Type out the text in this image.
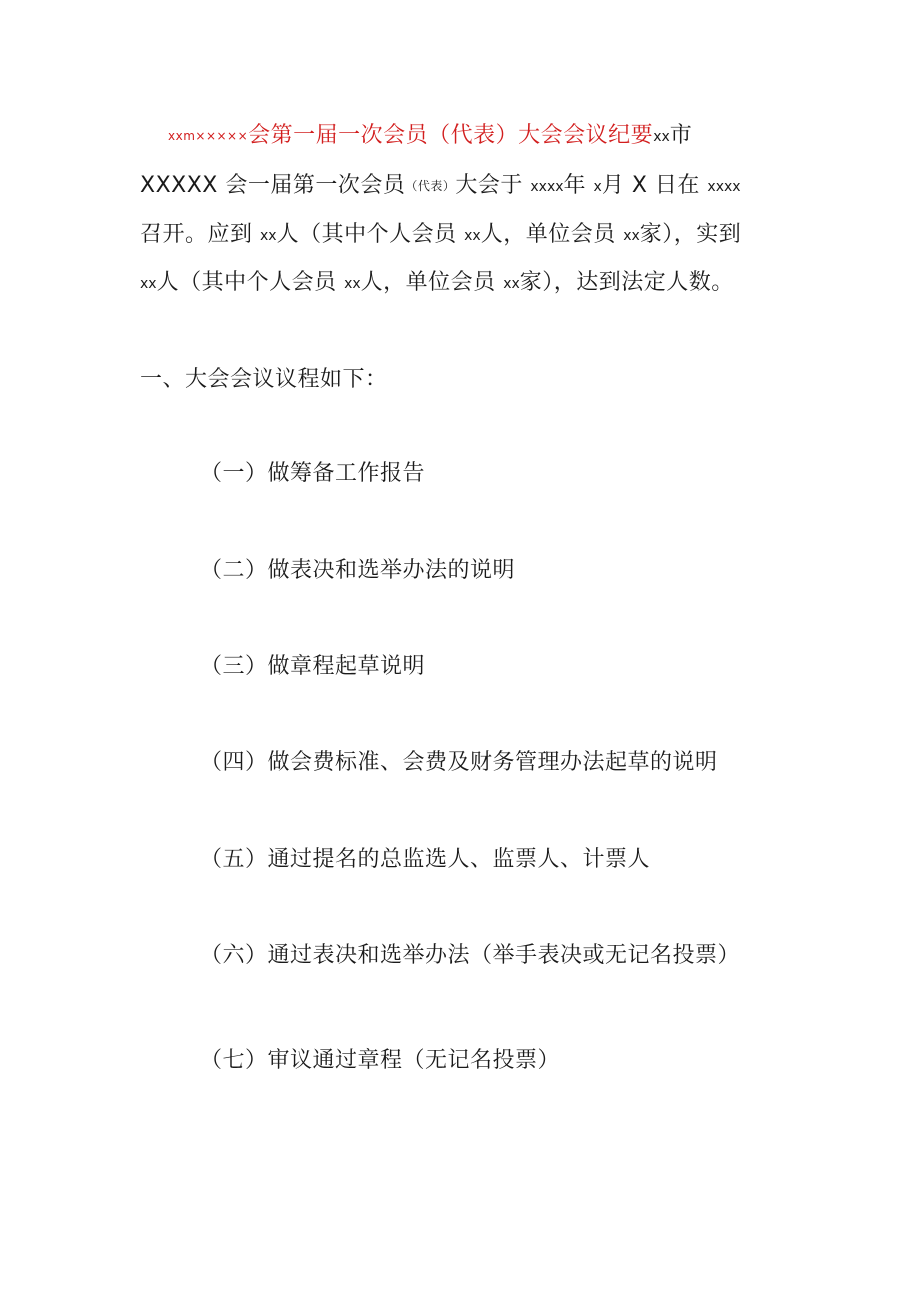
xxm×××××会第一届一次会员（代表）大会会议纪要xx市
XXXXX 会一届第一次会员（代表）大会于 xxxx年 x月 X 日在 xxxx
召开。应到 xx人（其中个人会员 xx人，单位会员 xx家），实到
xx人（其中个人会员 xx人，单位会员 xx家），达到法定人数。
一、大会会议议程如下：
（一）做筹备工作报告
（二）做表决和选举办法的说明
（三）做章程起草说明
（四）做会费标准、会费及财务管理办法起草的说明
（五）通过提名的总监选人、监票人、计票人
（六）通过表决和选举办法（举手表决或无记名投票）
（七）审议通过章程（无记名投票）
